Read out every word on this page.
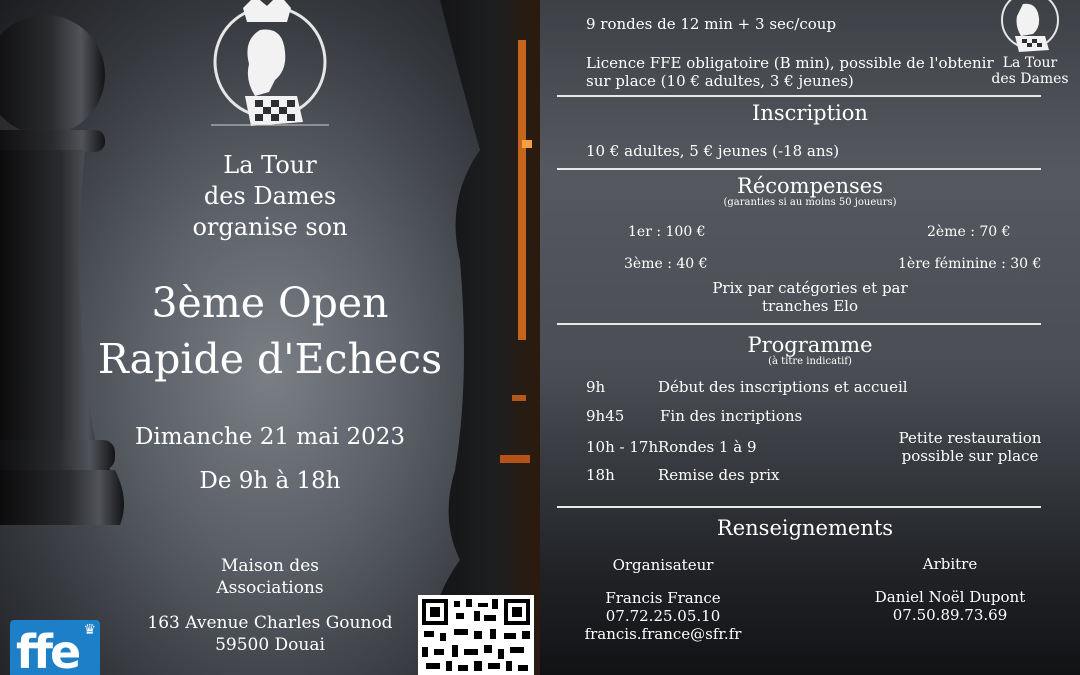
La Tour
des Dames
organise son
3ème Open
Rapide d'Echecs
Dimanche 21 mai 2023
De 9h à 18h
Maison des
Associations
163 Avenue Charles Gounod
59500 Douai
ffe ♛
La Tour
des Dames
9 rondes de 12 min + 3 sec/coup
Licence FFE obligatoire (B min), possible de l'obtenir
sur place (10 € adultes, 3 € jeunes)
Inscription
10 € adultes, 5 € jeunes (-18 ans)
Récompenses
(garanties si au moins 50 joueurs)
1er : 100 €	2ème : 70 €
3ème : 40 €	1ère féminine : 30 €
Prix par catégories et par
tranches Elo
Programme
(à titre indicatif)
9h	Début des inscriptions et accueil
9h45 Fin des incriptions
10h - 17h Rondes 1 à 9
18h	Remise des prix
Petite restauration
possible sur place
Renseignements
Organisateur
Francis France
07.72.25.05.10
francis.france@sfr.fr
Arbitre
Daniel Noël Dupont
07.50.89.73.69
